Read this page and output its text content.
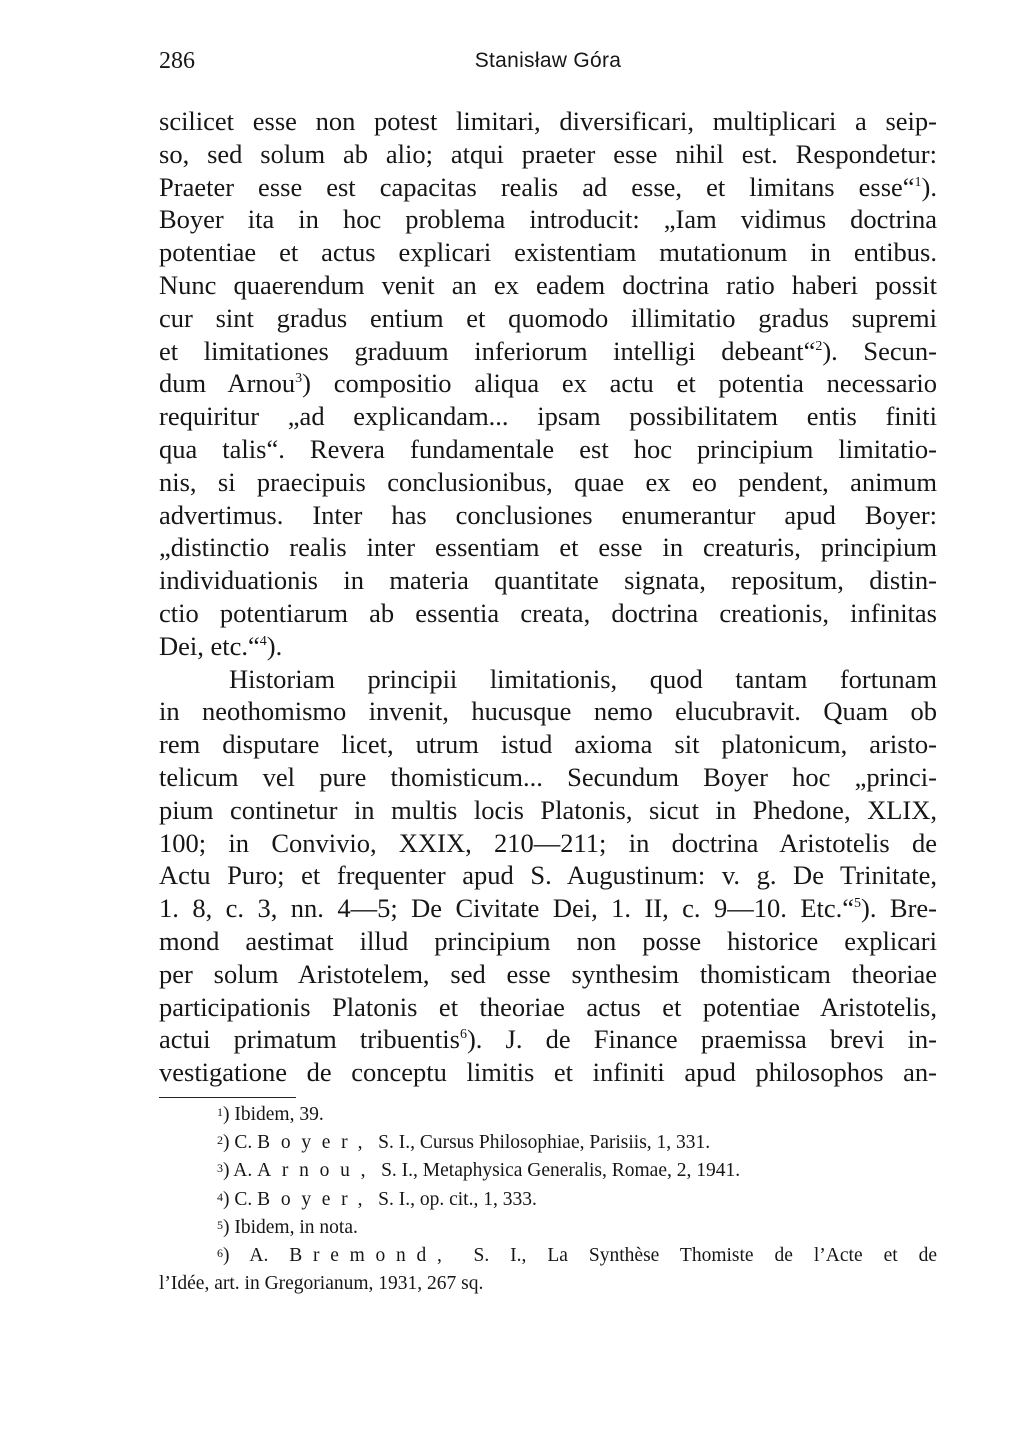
286	Stanisław Góra
scilicet esse non potest limitari, diversificari, multiplicari a seip-
so, sed solum ab alio; atqui praeter esse nihil est. Respondetur:
Praeter esse est capacitas realis ad esse, et limitans esse“$^1$).
Boyer ita in hoc problema introducit: „Iam vidimus doctrina
potentiae et actus explicari existentiam mutationum in entibus.
Nunc quaerendum venit an ex eadem doctrina ratio haberi possit
cur sint gradus entium et quomodo illimitatio gradus supremi
et limitationes graduum inferiorum intelligi debeant“$^2$). Secun-
dum Arnou$^3$) compositio aliqua ex actu et potentia necessario
requiritur „ad explicandam... ipsam possibilitatem entis finiti
qua talis“. Revera fundamentale est hoc principium limitatio-
nis, si praecipuis conclusionibus, quae ex eo pendent, animum
advertimus. Inter has conclusiones enumerantur apud Boyer:
„distinctio realis inter essentiam et esse in creaturis, principium
individuationis in materia quantitate signata, repositum, distin-
ctio potentiarum ab essentia creata, doctrina creationis, infinitas
Dei, etc.“$^4$).
Historiam principii limitationis, quod tantam fortunam
in neothomismo invenit, hucusque nemo elucubravit. Quam ob
rem disputare licet, utrum istud axioma sit platonicum, aristo-
telicum vel pure thomisticum... Secundum Boyer hoc „princi-
pium continetur in multis locis Platonis, sicut in Phedone, XLIX,
100; in Convivio, XXIX, 210—211; in doctrina Aristotelis de
Actu Puro; et frequenter apud S. Augustinum: v. g. De Trinitate,
1. 8, c. 3, nn. 4—5; De Civitate Dei, 1. II, c. 9—10. Etc.“$^5$). Bre-
mond aestimat illud principium non posse historice explicari
per solum Aristotelem, sed esse synthesim thomisticam theoriae
participationis Platonis et theoriae actus et potentiae Aristotelis,
actui primatum tribuentis$^6$). J. de Finance praemissa brevi in-
vestigatione de conceptu limitis et infiniti apud philosophos an-
$^1$) Ibidem, 39.
$^2$) C. Boyer, S. I., Cursus Philosophiae, Parisiis, 1, 331.
$^3$) A. Arnou, S. I., Metaphysica Generalis, Romae, 2, 1941.
$^4$) C. Boyer, S. I., op. cit., 1, 333.
$^5$) Ibidem, in nota.
$^6$) A. Bremond, S. I., La Synthèse Thomiste de l’Acte et de
l’Idée, art. in Gregorianum, 1931, 267 sq.
